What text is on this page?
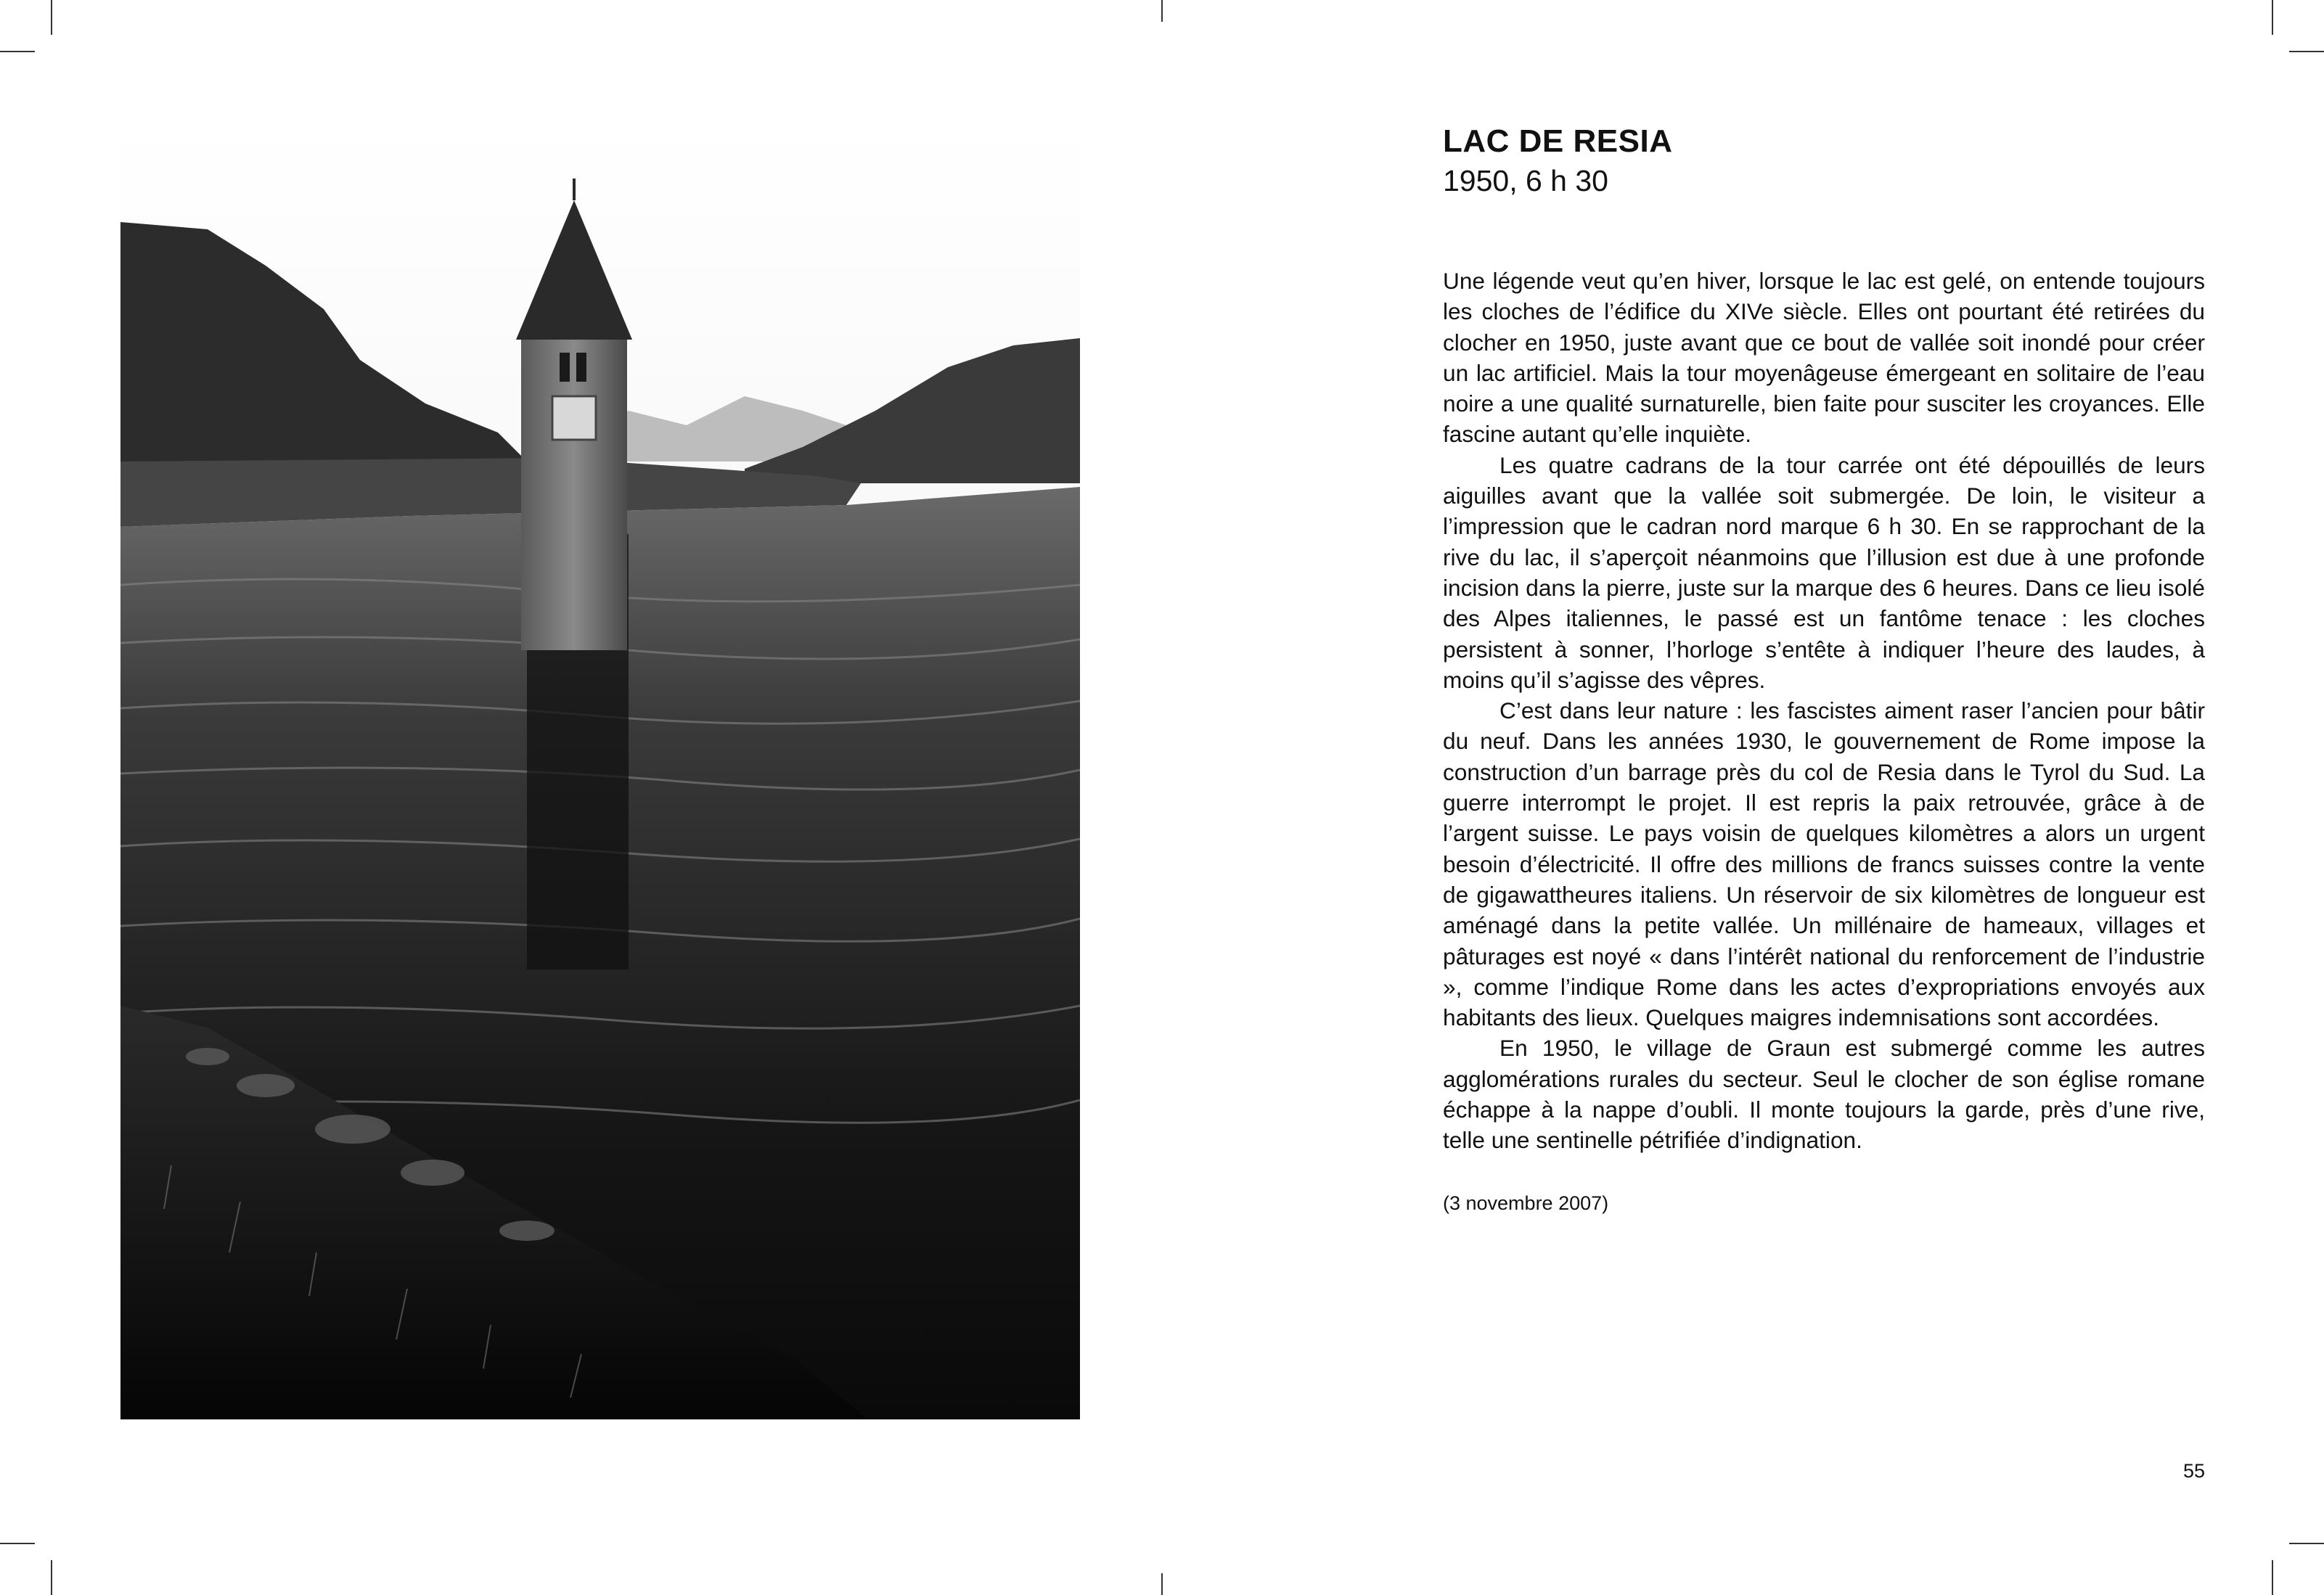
LAC DE RESIA
1950, 6 h 30

Une légende veut qu’en hiver, lorsque le lac est gelé, on entende toujours les cloches de l’édifice du XIVe siècle. Elles ont pourtant été retirées du clocher en 1950, juste avant que ce bout de vallée soit inondé pour créer un lac artificiel. Mais la tour moyenâgeuse émergeant en solitaire de l’eau noire a une qualité surnaturelle, bien faite pour susciter les croyances. Elle fascine autant qu’elle inquiète.

Les quatre cadrans de la tour carrée ont été dépouillés de leurs aiguilles avant que la vallée soit submergée. De loin, le visiteur a l’impression que le cadran nord marque 6 h 30. En se rapprochant de la rive du lac, il s’aperçoit néanmoins que l’illusion est due à une profonde incision dans la pierre, juste sur la marque des 6 heures. Dans ce lieu isolé des Alpes italiennes, le passé est un fantôme tenace : les cloches persistent à sonner, l’horloge s’entête à indiquer l’heure des laudes, à moins qu’il s’agisse des vêpres.

C’est dans leur nature : les fascistes aiment raser l’ancien pour bâtir du neuf. Dans les années 1930, le gouvernement de Rome impose la construction d’un barrage près du col de Resia dans le Tyrol du Sud. La guerre interrompt le projet. Il est repris la paix retrouvée, grâce à de l’argent suisse. Le pays voisin de quelques kilomètres a alors un urgent besoin d’électricité. Il offre des millions de francs suisses contre la vente de gigawattheures italiens. Un réservoir de six kilomètres de longueur est aménagé dans la petite vallée. Un millénaire de hameaux, villages et pâturages est noyé « dans l’intérêt national du renforcement de l’industrie », comme l’indique Rome dans les actes d’expropriations envoyés aux habitants des lieux. Quelques maigres indemnisations sont accordées.

En 1950, le village de Graun est submergé comme les autres agglomérations rurales du secteur. Seul le clocher de son église romane échappe à la nappe d’oubli. Il monte toujours la garde, près d’une rive, telle une sentinelle pétrifiée d’indignation.

(3 novembre 2007)
55
